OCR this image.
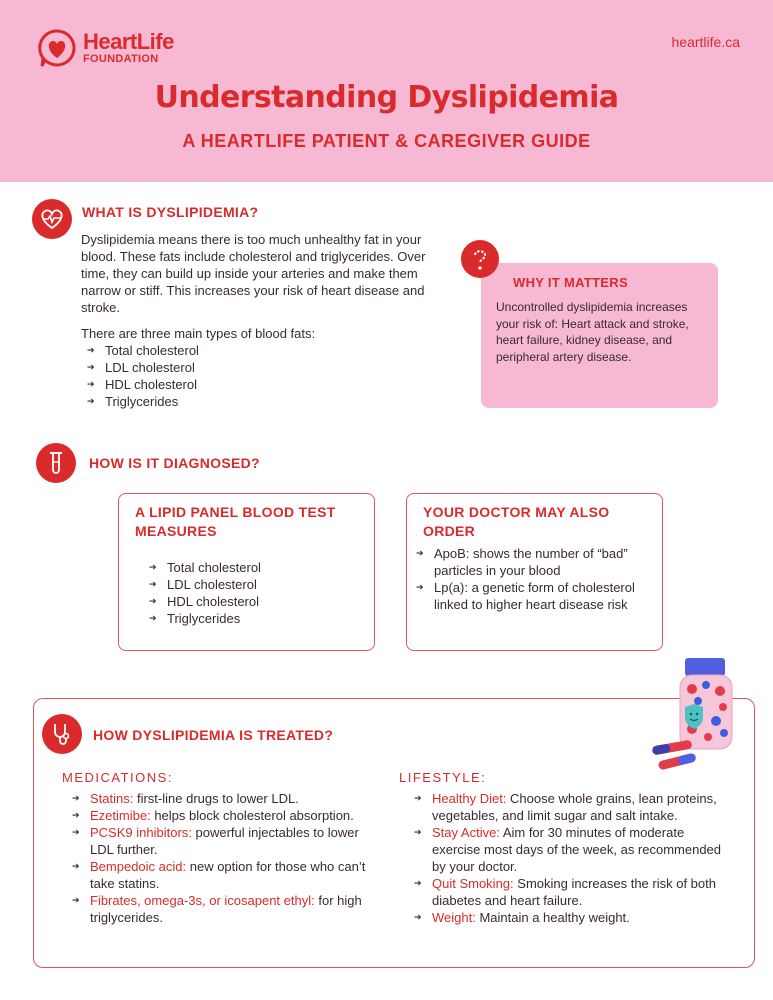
HeartLife
FOUNDATION
heartlife.ca
Understanding Dyslipidemia
A HEARTLIFE PATIENT & CAREGIVER GUIDE
WHAT IS DYSLIPIDEMIA?
Dyslipidemia means there is too much unhealthy fat in your blood. These fats include cholesterol and triglycerides. Over time, they can build up inside your arteries and make them narrow or stiff. This increases your risk of heart disease and stroke.
There are three main types of blood fats:
➔ Total cholesterol
➔ LDL cholesterol
➔ HDL cholesterol
➔ Triglycerides
WHY IT MATTERS
Uncontrolled dyslipidemia increases your risk of: Heart attack and stroke, heart failure, kidney disease, and peripheral artery disease.
HOW IS IT DIAGNOSED?
A LIPID PANEL BLOOD TEST MEASURES
➔ Total cholesterol
➔ LDL cholesterol
➔ HDL cholesterol
➔ Triglycerides
YOUR DOCTOR MAY ALSO ORDER
➔ ApoB: shows the number of “bad” particles in your blood
➔ Lp(a): a genetic form of cholesterol linked to higher heart disease risk
HOW DYSLIPIDEMIA IS TREATED?
MEDICATIONS:
➔ Statins: first-line drugs to lower LDL.
➔ Ezetimibe: helps block cholesterol absorption.
➔ PCSK9 inhibitors: powerful injectables to lower LDL further.
➔ Bempedoic acid: new option for those who can’t take statins.
➔ Fibrates, omega-3s, or icosapent ethyl: for high triglycerides.
LIFESTYLE:
➔ Healthy Diet: Choose whole grains, lean proteins, vegetables, and limit sugar and salt intake.
➔ Stay Active: Aim for 30 minutes of moderate exercise most days of the week, as recommended by your doctor.
➔ Quit Smoking: Smoking increases the risk of both diabetes and heart failure.
➔ Weight: Maintain a healthy weight.
